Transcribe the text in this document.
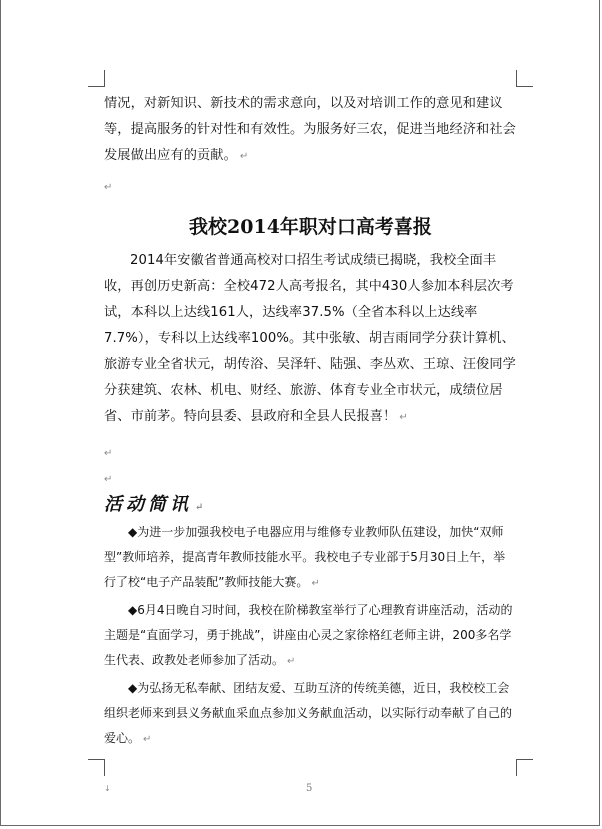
情况，对新知识、新技术的需求意向，以及对培训工作的意见和建议等，提高服务的针对性和有效性。为服务好三农，促进当地经济和社会发展做出应有的贡献。 ↵
↵
我校2014年职对口高考喜报
2014年安徽省普通高校对口招生考试成绩已揭晓，我校全面丰收，再创历史新高：全校472人高考报名，其中430人参加本科层次考试，本科以上达线161人，达线率37.5%（全省本科以上达线率7.7%），专科以上达线率100%。其中张敏、胡吉雨同学分获计算机、旅游专业全省状元，胡传浴、吴泽轩、陆强、李丛欢、王琼、汪俊同学分获建筑、农林、机电、财经、旅游、体育专业全市状元，成绩位居省、市前茅。特向县委、县政府和全县人民报喜！ ↵
↵
↵
活动简讯 ↵
◆为进一步加强我校电子电器应用与维修专业教师队伍建设，加快“双师型”教师培养，提高青年教师技能水平。我校电子专业部于5月30日上午，举行了校“电子产品装配”教师技能大赛。 ↵
◆6月4日晚自习时间，我校在阶梯教室举行了心理教育讲座活动，活动的主题是“直面学习，勇于挑战”，讲座由心灵之家徐格红老师主讲，200多名学生代表、政教处老师参加了活动。 ↵
◆为弘扬无私奉献、团结友爱、互助互济的传统美德，近日，我校校工会组织老师来到县义务献血采血点参加义务献血活动，以实际行动奉献了自己的爱心。 ↵
↓	5
